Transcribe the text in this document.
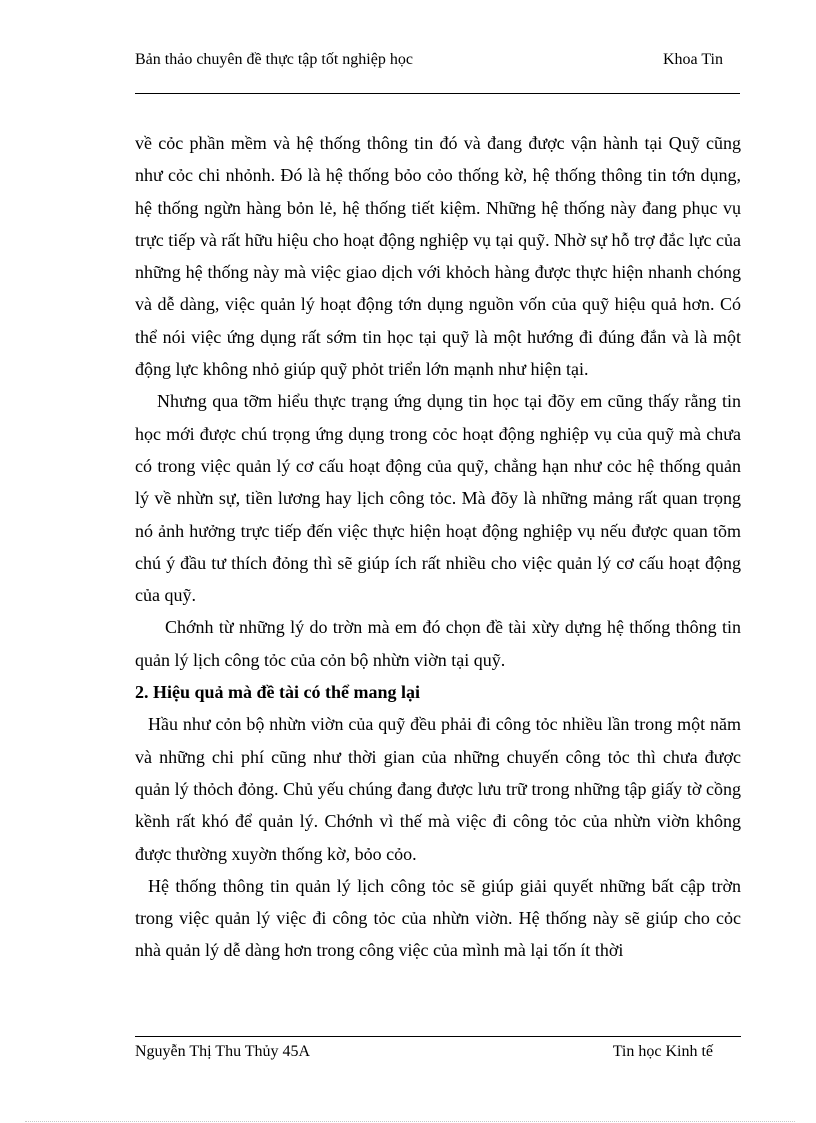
Bản thảo chuyên đề thực tập tốt nghiệp học	Khoa Tin

về cỏc phần mềm và hệ thống thông tin đó và đang được vận hành tại Quỹ cũng như cỏc chi nhỏnh. Đó là hệ thống bỏo cỏo thống kờ, hệ thống thông tin tớn dụng, hệ thống ngừn hàng bỏn lẻ, hệ thống tiết kiệm. Những hệ thống này đang phục vụ trực tiếp và rất hữu hiệu cho hoạt động nghiệp vụ tại quỹ. Nhờ sự hỗ trợ đắc lực của những hệ thống này mà việc giao dịch với khỏch hàng được thực hiện nhanh chóng và dễ dàng, việc quản lý hoạt động tớn dụng nguồn vốn của quỹ hiệu quả hơn. Có thể nói việc ứng dụng rất sớm tin học tại quỹ là một hướng đi đúng đắn và là một động lực không nhỏ giúp quỹ phỏt triển lớn mạnh như hiện tại.

Nhưng qua tỡm hiểu thực trạng ứng dụng tin học tại đõy em cũng thấy rằng tin học mới được chú trọng ứng dụng trong cỏc hoạt động nghiệp vụ của quỹ mà chưa có trong việc quản lý cơ cấu hoạt động của quỹ, chẳng hạn như cỏc hệ thống quản lý về nhừn sự, tiền lương hay lịch công tỏc. Mà đõy là những mảng rất quan trọng nó ảnh hưởng trực tiếp đến việc thực hiện hoạt động nghiệp vụ nếu được quan tõm chú ý đầu tư thích đỏng thì sẽ giúp ích rất nhiều cho việc quản lý cơ cấu hoạt động của quỹ.

Chớnh từ những lý do trờn mà em đó chọn đề tài xừy dựng hệ thống thông tin quản lý lịch công tỏc của cỏn bộ nhừn viờn tại quỹ.

2. Hiệu quả mà đề tài có thể mang lại

Hầu như cỏn bộ nhừn viờn của quỹ đều phải đi công tỏc nhiều lần trong một năm và những chi phí cũng như thời gian của những chuyến công tỏc thì chưa được quản lý thỏch đỏng. Chủ yếu chúng đang được lưu trữ trong những tập giấy tờ cồng kềnh rất khó để quản lý. Chớnh vì thế mà việc đi công tỏc của nhừn viờn không được thường xuyờn thống kờ, bỏo cỏo.

Hệ thống thông tin quản lý lịch công tỏc sẽ giúp giải quyết những bất cập trờn trong việc quản lý việc đi công tỏc của nhừn viờn. Hệ thống này sẽ giúp cho cỏc nhà quản lý dễ dàng hơn trong công việc của mình mà lại tốn ít thời

Nguyễn Thị Thu Thủy 45A	Tin học Kinh tế
